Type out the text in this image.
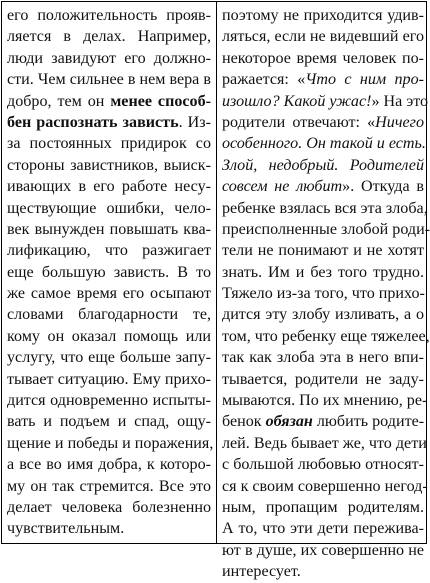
его положительность прояв-
ляется в делах. Например,
люди завидуют его должно-
сти. Чем сильнее в нем вера в
добро, тем он менее способ-
бен распознать зависть. Из-
за постоянных придирок со
стороны завистников, выиск-
ивающих в его работе несу-
ществующие ошибки, чело-
век вынужден повышать ква-
лификацию, что разжигает
еще большую зависть. В то
же самое время его осыпают
словами благодарности те,
кому он оказал помощь или
услугу, что еще больше запу-
тывает ситуацию. Ему прихо-
дится одновременно испыты-
вать и подъем и спад, ощу-
щение и победы и поражения,
а все во имя добра, к которо-
му он так стремится. Все это
делает человека болезненно
чувствительным.
поэтому не приходится удив-
ляться, если не видевший его
некоторое время человек по-
ражается: «Что с ним про-
изошло? Какой ужас!» На это
родители отвечают: «Ничего
особенного. Он такой и есть.
Злой, недобрый. Родителей
совсем не любит». Откуда в
ребенке взялась вся эта злоба,
преисполненные злобой роди-
тели не понимают и не хотят
знать. Им и без того трудно.
Тяжело из-за того, что прихо-
дится эту злобу изливать, а о
том, что ребенку еще тяжелее,
так как злоба эта в него впи-
тывается, родители не заду-
мываются. По их мнению, ре-
бенок обязан любить родите-
лей. Ведь бывает же, что дети
с большой любовью относят-
ся к своим совершенно негод-
ным, пропащим родителям.
А то, что эти дети пережива-
ют в душе, их совершенно не
интересует.
